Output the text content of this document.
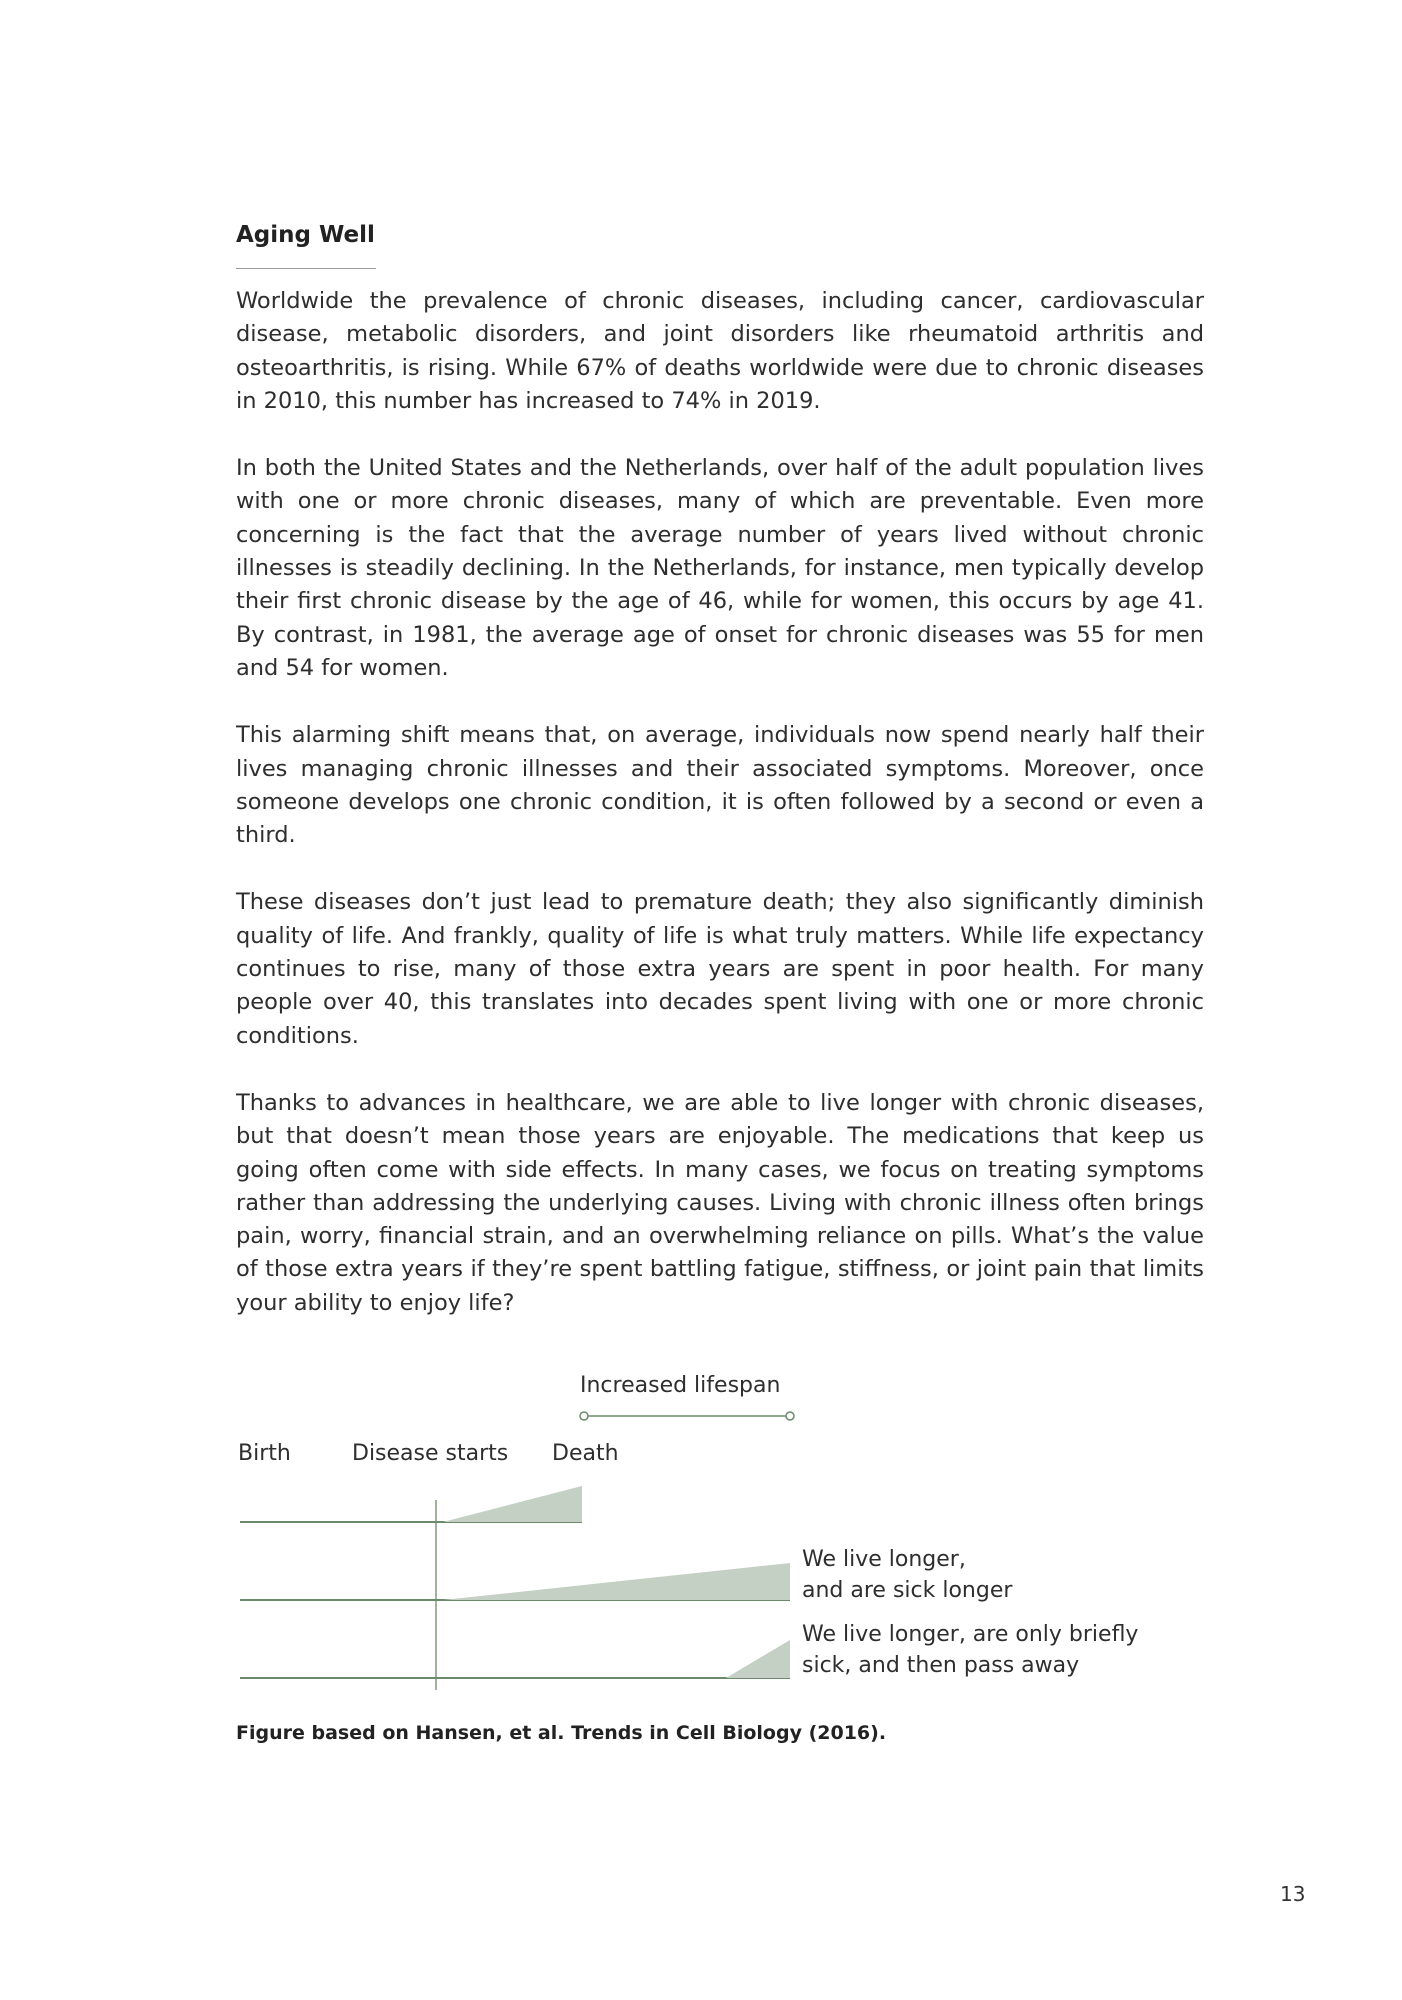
Aging Well

Worldwide the prevalence of chronic diseases, including cancer, cardiovascular disease, metabolic disorders, and joint disorders like rheumatoid arthritis and osteoarthritis, is rising. While 67% of deaths worldwide were due to chronic diseases in 2010, this number has increased to 74% in 2019.

In both the United States and the Netherlands, over half of the adult population lives with one or more chronic diseases, many of which are preventable. Even more concerning is the fact that the average number of years lived without chronic illnesses is steadily declining. In the Netherlands, for instance, men typically develop their first chronic disease by the age of 46, while for women, this occurs by age 41. By contrast, in 1981, the average age of onset for chronic diseases was 55 for men and 54 for women.

This alarming shift means that, on average, individuals now spend nearly half their lives managing chronic illnesses and their associated symptoms. Moreover, once someone develops one chronic condition, it is often followed by a second or even a third.

These diseases don’t just lead to premature death; they also significantly diminish quality of life. And frankly, quality of life is what truly matters. While life expectancy continues to rise, many of those extra years are spent in poor health. For many people over 40, this translates into decades spent living with one or more chronic conditions.

Thanks to advances in healthcare, we are able to live longer with chronic diseases, but that doesn’t mean those years are enjoyable. The medications that keep us going often come with side effects. In many cases, we focus on treating symptoms rather than addressing the underlying causes. Living with chronic illness often brings pain, worry, financial strain, and an overwhelming reliance on pills. What’s the value of those extra years if they’re spent battling fatigue, stiffness, or joint pain that limits your ability to enjoy life?

Increased lifespan

Birth	Disease starts Death

We live longer,

and are sick longer

We live longer, are only briefly

sick, and then pass away

Figure based on Hansen, et al. Trends in Cell Biology (2016).

13
